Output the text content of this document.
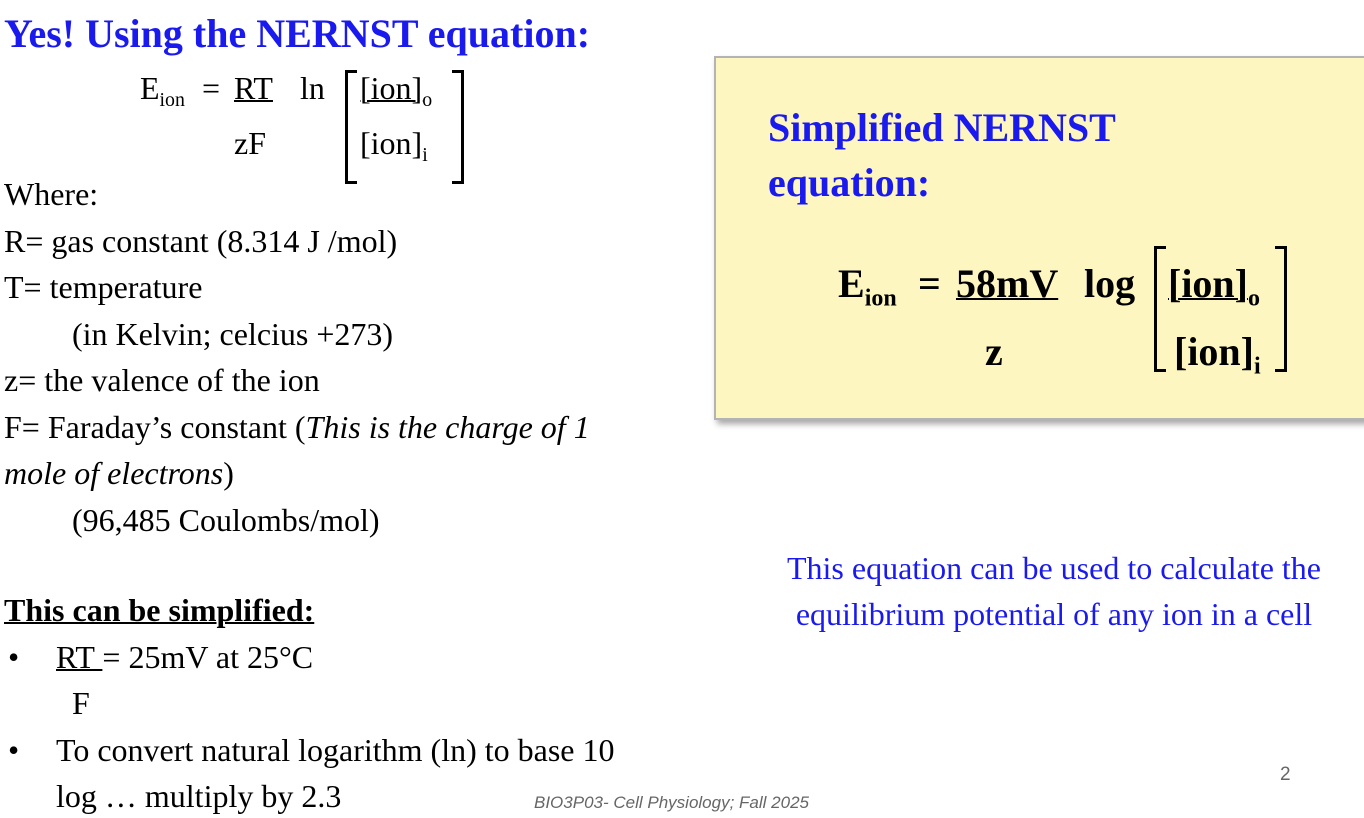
Yes! Using the NERNST equation:
$E_{ion}$ = RT
zF
$\ln [ion]_o$
$[ion]_i$
Where:
R= gas constant (8.314 J /mol)
T= temperature
(in Kelvin; celcius +273)
z= the valence of the ion
F= Faraday’s constant (This is the charge of 1
mole of electrons)
(96,485 Coulombs/mol)
This can be simplified:
• RT = 25mV at 25°C
F
• To convert natural logarithm (ln) to base 10
log … multiply by 2.3
Simplified NERNST equation:
$E_{ion} = 58mV$
z
$\log [ion]_o$
$[ion]_i$
This equation can be used to calculate the equilibrium potential of any ion in a cell
BIO3P03- Cell Physiology; Fall 2025
2
